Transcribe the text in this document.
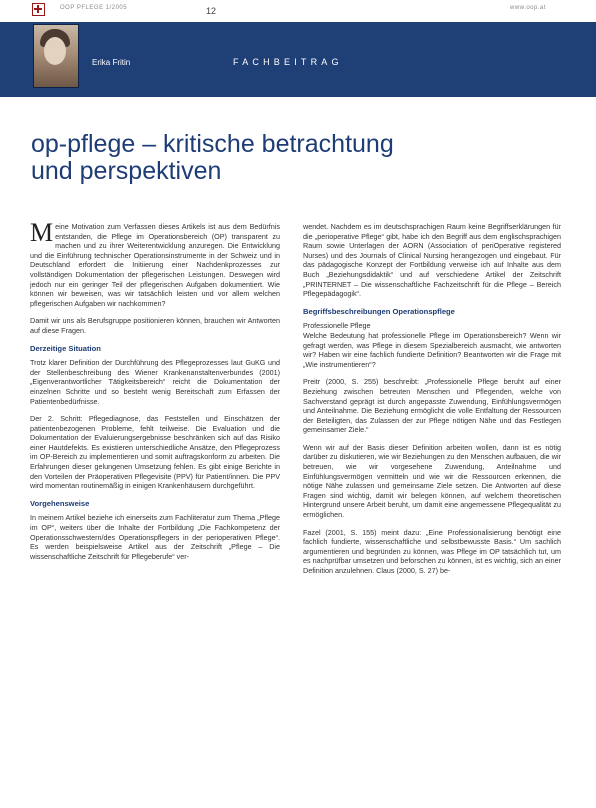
OOP PFLEGE 1/2005	12	www.oop.at
Erika Fritin	FACHBEITRAG
op-pflege – kritische betrachtung
und perspektiven

Meine Motivation zum Verfassen dieses Artikels ist aus dem Bedürfnis entstanden, die Pflege im Operationsbereich (OP) transparent zu machen und zu ihrer Weiterentwicklung anzuregen. Die Entwicklung und die Einführung technischer Operationsinstrumente in der Schweiz und in Deutschland erfordert die Initiierung einer Nachdenkprozesses zur vollständigen Dokumentation der pflegerischen Leistungen. Deswegen wird jedoch nur ein geringer Teil der pflegerischen Aufgaben dokumentiert. Wie können wir beweisen, was wir tatsächlich leisten und vor allem welchen pflegerischen Aufgaben wir nachkommen?

Damit wir uns als Berufsgruppe positionieren können, brauchen wir Antworten auf diese Fragen.

Derzeitige Situation

Trotz klarer Definition der Durchführung des Pflegeprozesses laut GuKG und der Stellenbeschreibung des Wiener Krankenanstaltenverbundes (2001) „Eigenverantwortlicher Tätigkeitsbereich“ reicht die Dokumentation der einzelnen Schritte und so besteht wenig Bereitschaft zum Erfassen der Patientenbedürfnisse.

Der 2. Schritt: Pflegediagnose, das Feststellen und Einschätzen der patientenbezogenen Probleme, fehlt teilweise. Die Evaluation und die Dokumentation der Evaluierungsergebnisse beschränken sich auf das Risiko einer Hautdefekts. Es existieren unterschiedliche Ansätze, den Pflegeprozess im OP-Bereich zu implementieren und somit auftragskonform zu arbeiten. Die Erfahrungen dieser gelungenen Umsetzung fehlen. Es gibt einige Berichte in den Vorteilen der Präoperativen Pflegevisite (PPV) für Patient/innen. Die PPV wird momentan routinemäßig in einigen Krankenhäusern durchgeführt.

Vorgehensweise

In meinem Artikel beziehe ich einerseits zum Fachliteratur zum Thema „Pflege im OP“, weiters über die Inhalte der Fortbildung „Die Fachkompetenz der Operationsschwestern/des Operationspflegers in der perioperativen Pflege“. Es werden beispielsweise Artikel aus der Zeitschrift „Pflege – Die wissenschaftliche Zeitschrift für Pflegeberufe“ ver-

wendet. Nachdem es im deutschsprachigen Raum keine Begriffserklärungen für die „perioperative Pflege“ gibt, habe ich den Begriff aus dem englischsprachigen Raum sowie Unterlagen der AORN (Association of periOperative registered Nurses) und des Journals of Clinical Nursing herangezogen und eingebaut. Für das pädagogische Konzept der Fortbildung verweise ich auf Inhalte aus dem Buch „Beziehungsdidaktik“ und auf verschiedene Artikel der Zeitschrift „PRINTERNET – Die wissenschaftliche Fachzeitschrift für die Pflege – Bereich Pflegepädagogik“.

Begriffsbeschreibungen Operationspflege

Professionelle Pflege

Welche Bedeutung hat professionelle Pflege im Operationsbereich? Wenn wir gefragt werden, was Pflege in diesem Spezialbereich ausmacht, wie antworten wir? Haben wir eine fachlich fundierte Definition? Beantworten wir die Frage mit „Wie instrumentieren“?

Preitr (2000, S. 255) beschreibt: „Professionelle Pflege beruht auf einer Beziehung zwischen betreuten Menschen und Pflegenden, welche von Sachverstand geprägt ist durch angepasste Zuwendung, Einfühlungsvermögen und Anteilnahme. Die Beziehung ermöglicht die volle Entfaltung der Ressourcen der Beteiligten, das Zulassen der zur Pflege nötigen Nähe und das Festlegen gemeinsamer Ziele.“

Wenn wir auf der Basis dieser Definition arbeiten wollen, dann ist es nötig darüber zu diskutieren, wie wir Beziehungen zu den Menschen aufbauen, die wir betreuen, wie wir vorgesehene Zuwendung, Anteilnahme und Einfühlungsvermögen vermitteln und wie wir die Ressourcen erkennen, die nötige Nähe zulassen und gemeinsame Ziele setzen. Die Antworten auf diese Fragen sind wichtig, damit wir belegen können, auf welchem theoretischen Hintergrund unsere Arbeit beruht, um damit eine angemessene Pflegequalität zu ermöglichen.

Fazel (2001, S. 155) meint dazu: „Eine Professionalisierung benötigt eine fachlich fundierte, wissenschaftliche und selbstbewusste Basis.“ Um sachlich argumentieren und begründen zu können, was Pflege im OP tatsächlich tut, um es nachprüfbar umsetzen und beforschen zu können, ist es wichtig, sich an einer Definition anzulehnen. Claus (2000, S. 27) be-
